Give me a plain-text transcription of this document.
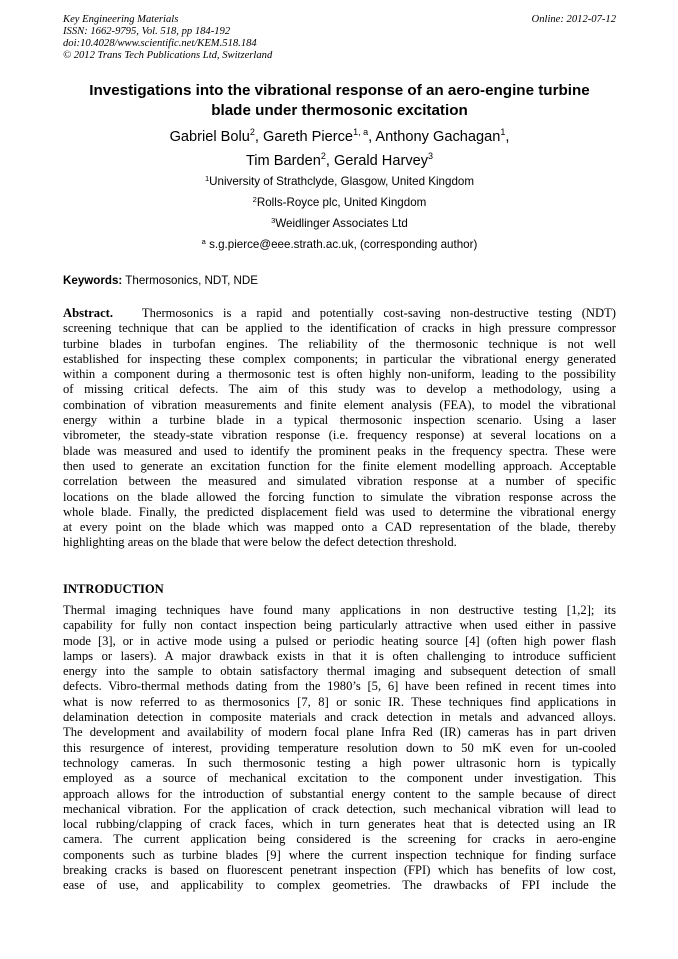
Key Engineering Materials
ISSN: 1662-9795, Vol. 518, pp 184-192
doi:10.4028/www.scientific.net/KEM.518.184
© 2012 Trans Tech Publications Ltd, Switzerland
Online: 2012-07-12
Investigations into the vibrational response of an aero-engine turbine
blade under thermosonic excitation
Gabriel Bolu$^2$, Gareth Pierce$^{1, a}$, Anthony Gachagan$^1$,
Tim Barden$^2$, Gerald Harvey$^3$
$^1$University of Strathclyde, Glasgow, United Kingdom
$^2$Rolls-Royce plc, United Kingdom
$^3$Weidlinger Associates Ltd
$^a$ s.g.pierce@eee.strath.ac.uk, (corresponding author)
Keywords: Thermosonics, NDT, NDE
Abstract. Thermosonics is a rapid and potentially cost-saving non-destructive testing (NDT)
screening technique that can be applied to the identification of cracks in high pressure compressor
turbine blades in turbofan engines. The reliability of the thermosonic technique is not well
established for inspecting these complex components; in particular the vibrational energy generated
within a component during a thermosonic test is often highly non-uniform, leading to the possibility
of missing critical defects. The aim of this study was to develop a methodology, using a
combination of vibration measurements and finite element analysis (FEA), to model the vibrational
energy within a turbine blade in a typical thermosonic inspection scenario. Using a laser
vibrometer, the steady-state vibration response (i.e. frequency response) at several locations on a
blade was measured and used to identify the prominent peaks in the frequency spectra. These were
then used to generate an excitation function for the finite element modelling approach. Acceptable
correlation between the measured and simulated vibration response at a number of specific
locations on the blade allowed the forcing function to simulate the vibration response across the
whole blade. Finally, the predicted displacement field was used to determine the vibrational energy
at every point on the blade which was mapped onto a CAD representation of the blade, thereby
highlighting areas on the blade that were below the defect detection threshold.
INTRODUCTION
Thermal imaging techniques have found many applications in non destructive testing [1,2]; its
capability for fully non contact inspection being particularly attractive when used either in passive
mode [3], or in active mode using a pulsed or periodic heating source [4] (often high power flash
lamps or lasers). A major drawback exists in that it is often challenging to introduce sufficient
energy into the sample to obtain satisfactory thermal imaging and subsequent detection of small
defects. Vibro-thermal methods dating from the 1980’s [5, 6] have been refined in recent times into
what is now referred to as thermosonics [7, 8] or sonic IR. These techniques find applications in
delamination detection in composite materials and crack detection in metals and advanced alloys.
The development and availability of modern focal plane Infra Red (IR) cameras has in part driven
this resurgence of interest, providing temperature resolution down to 50 mK even for un-cooled
technology cameras. In such thermosonic testing a high power ultrasonic horn is typically
employed as a source of mechanical excitation to the component under investigation. This
approach allows for the introduction of substantial energy content to the sample because of direct
mechanical vibration. For the application of crack detection, such mechanical vibration will lead to
local rubbing/clapping of crack faces, which in turn generates heat that is detected using an IR
camera. The current application being considered is the screening for cracks in aero-engine
components such as turbine blades [9] where the current inspection technique for finding surface
breaking cracks is based on fluorescent penetrant inspection (FPI) which has benefits of low cost,
ease of use, and applicability to complex geometries. The drawbacks of FPI include the
